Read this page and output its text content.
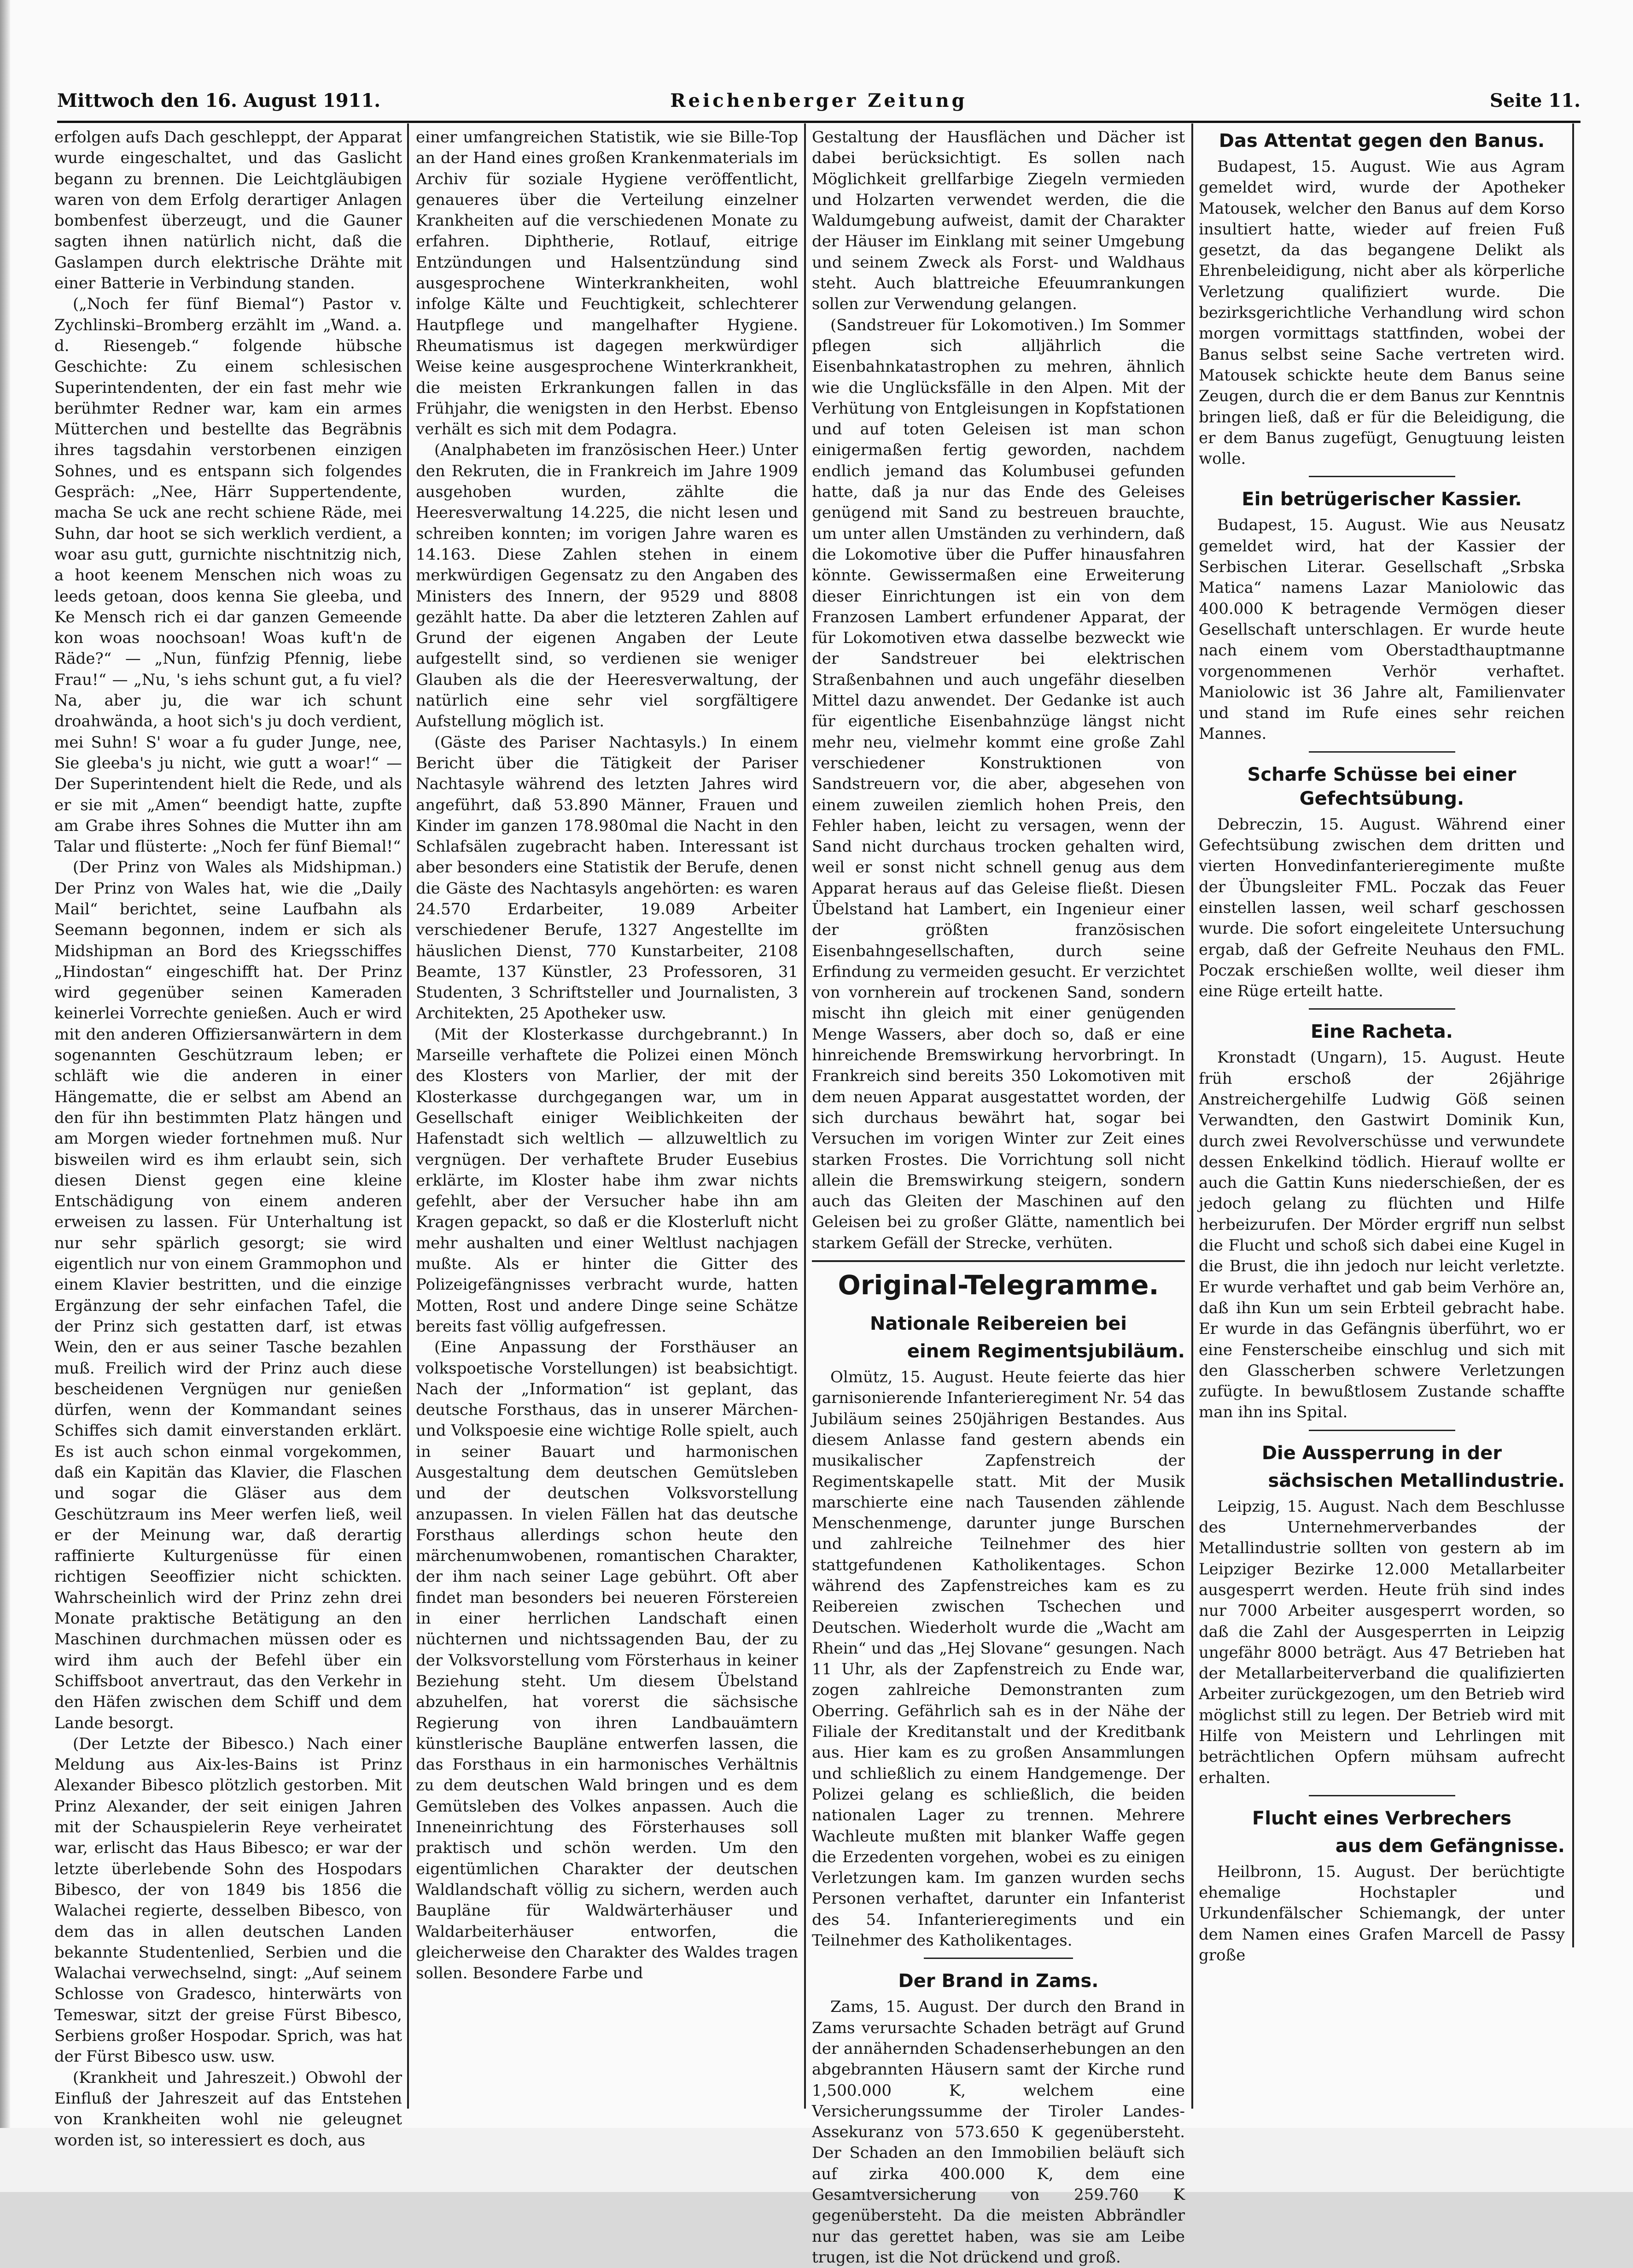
Mittwoch den 16. August 1911.	Reichenberger Zeitung	Seite 11.

erfolgen aufs Dach geschleppt, der Apparat wurde eingeschaltet, und das Gaslicht begann zu brennen. Die Leichtgläubigen waren von dem Erfolg derartiger Anlagen bombenfest überzeugt, und die Gauner sagten ihnen natürlich nicht, daß die Gaslampen durch elektrische Drähte mit einer Batterie in Verbindung standen.

(„Noch fer fünf Biemal“) Pastor v. Zychlinski–Bromberg erzählt im „Wand. a. d. Riesengeb.“ folgende hübsche Geschichte: Zu einem schlesischen Superintendenten, der ein fast mehr wie berühmter Redner war, kam ein armes Mütterchen und bestellte das Begräbnis ihres tagsdahin verstorbenen einzigen Sohnes, und es entspann sich folgendes Gespräch: „Nee, Härr Suppertendente, macha Se uck ane recht schiene Räde, mei Suhn, dar hoot se sich werklich verdient, a woar asu gutt, gurnichte nischtnitzig nich, a hoot keenem Menschen nich woas zu leeds getoan, doos kenna Sie gleeba, und Ke Mensch rich ei dar ganzen Gemeende kon woas noochsoan! Woas kuft'n de Räde?“ — „Nun, fünfzig Pfennig, liebe Frau!“ — „Nu, 's iehs schunt gut, a fu viel? Na, aber ju, die war ich schunt droahwända, a hoot sich's ju doch verdient, mei Suhn! S' woar a fu guder Junge, nee, Sie gleeba's ju nicht, wie gutt a woar!“ — Der Superintendent hielt die Rede, und als er sie mit „Amen“ beendigt hatte, zupfte am Grabe ihres Sohnes die Mutter ihn am Talar und flüsterte: „Noch fer fünf Biemal!“

(Der Prinz von Wales als Midshipman.) Der Prinz von Wales hat, wie die „Daily Mail“ berichtet, seine Laufbahn als Seemann begonnen, indem er sich als Midshipman an Bord des Kriegsschiffes „Hindostan“ eingeschifft hat. Der Prinz wird gegenüber seinen Kameraden keinerlei Vorrechte genießen. Auch er wird mit den anderen Offiziersanwärtern in dem sogenannten Geschützraum leben; er schläft wie die anderen in einer Hängematte, die er selbst am Abend an den für ihn bestimmten Platz hängen und am Morgen wieder fortnehmen muß. Nur bisweilen wird es ihm erlaubt sein, sich diesen Dienst gegen eine kleine Entschädigung von einem anderen erweisen zu lassen. Für Unterhaltung ist nur sehr spärlich gesorgt; sie wird eigentlich nur von einem Grammophon und einem Klavier bestritten, und die einzige Ergänzung der sehr einfachen Tafel, die der Prinz sich gestatten darf, ist etwas Wein, den er aus seiner Tasche bezahlen muß. Freilich wird der Prinz auch diese bescheidenen Vergnügen nur genießen dürfen, wenn der Kommandant seines Schiffes sich damit einverstanden erklärt. Es ist auch schon einmal vorgekommen, daß ein Kapitän das Klavier, die Flaschen und sogar die Gläser aus dem Geschützraum ins Meer werfen ließ, weil er der Meinung war, daß derartig raffinierte Kulturgenüsse für einen richtigen Seeoffizier nicht schickten. Wahrscheinlich wird der Prinz zehn drei Monate praktische Betätigung an den Maschinen durchmachen müssen oder es wird ihm auch der Befehl über ein Schiffsboot anvertraut, das den Verkehr in den Häfen zwischen dem Schiff und dem Lande besorgt.

(Der Letzte der Bibesco.) Nach einer Meldung aus Aix-les-Bains ist Prinz Alexander Bibesco plötzlich gestorben. Mit Prinz Alexander, der seit einigen Jahren mit der Schauspielerin Reye verheiratet war, erlischt das Haus Bibesco; er war der letzte überlebende Sohn des Hospodars Bibesco, der von 1849 bis 1856 die Walachei regierte, desselben Bibesco, von dem das in allen deutschen Landen bekannte Studentenlied, Serbien und die Walachai verwechselnd, singt: „Auf seinem Schlosse von Gradesco, hinterwärts von Temeswar, sitzt der greise Fürst Bibesco, Serbiens großer Hospodar. Sprich, was hat der Fürst Bibesco usw. usw.

(Krankheit und Jahreszeit.) Obwohl der Einfluß der Jahreszeit auf das Entstehen von Krankheiten wohl nie geleugnet worden ist, so interessiert es doch, aus

einer umfangreichen Statistik, wie sie Bille-Top an der Hand eines großen Krankenmaterials im Archiv für soziale Hygiene veröffentlicht, genaueres über die Verteilung einzelner Krankheiten auf die verschiedenen Monate zu erfahren. Diphtherie, Rotlauf, eitrige Entzündungen und Halsentzündung sind ausgesprochene Winterkrankheiten, wohl infolge Kälte und Feuchtigkeit, schlechterer Hautpflege und mangelhafter Hygiene. Rheumatismus ist dagegen merkwürdiger Weise keine ausgesprochene Winterkrankheit, die meisten Erkrankungen fallen in das Frühjahr, die wenigsten in den Herbst. Ebenso verhält es sich mit dem Podagra.

(Analphabeten im französischen Heer.) Unter den Rekruten, die in Frankreich im Jahre 1909 ausgehoben wurden, zählte die Heeresverwaltung 14.225, die nicht lesen und schreiben konnten; im vorigen Jahre waren es 14.163. Diese Zahlen stehen in einem merkwürdigen Gegensatz zu den Angaben des Ministers des Innern, der 9529 und 8808 gezählt hatte. Da aber die letzteren Zahlen auf Grund der eigenen Angaben der Leute aufgestellt sind, so verdienen sie weniger Glauben als die der Heeresverwaltung, der natürlich eine sehr viel sorgfältigere Aufstellung möglich ist.

(Gäste des Pariser Nachtasyls.) In einem Bericht über die Tätigkeit der Pariser Nachtasyle während des letzten Jahres wird angeführt, daß 53.890 Männer, Frauen und Kinder im ganzen 178.980mal die Nacht in den Schlafsälen zugebracht haben. Interessant ist aber besonders eine Statistik der Berufe, denen die Gäste des Nachtasyls angehörten: es waren 24.570 Erdarbeiter, 19.089 Arbeiter verschiedener Berufe, 1327 Angestellte im häuslichen Dienst, 770 Kunstarbeiter, 2108 Beamte, 137 Künstler, 23 Professoren, 31 Studenten, 3 Schriftsteller und Journalisten, 3 Architekten, 25 Apotheker usw.

(Mit der Klosterkasse durchgebrannt.) In Marseille verhaftete die Polizei einen Mönch des Klosters von Marlier, der mit der Klosterkasse durchgegangen war, um in Gesellschaft einiger Weiblichkeiten der Hafenstadt sich weltlich — allzuweltlich zu vergnügen. Der verhaftete Bruder Eusebius erklärte, im Kloster habe ihm zwar nichts gefehlt, aber der Versucher habe ihn am Kragen gepackt, so daß er die Klosterluft nicht mehr aushalten und einer Weltlust nachjagen mußte. Als er hinter die Gitter des Polizeigefängnisses verbracht wurde, hatten Motten, Rost und andere Dinge seine Schätze bereits fast völlig aufgefressen.

(Eine Anpassung der Forsthäuser an volkspoetische Vorstellungen) ist beabsichtigt. Nach der „Information“ ist geplant, das deutsche Forsthaus, das in unserer Märchen- und Volkspoesie eine wichtige Rolle spielt, auch in seiner Bauart und harmonischen Ausgestaltung dem deutschen Gemütsleben und der deutschen Volksvorstellung anzupassen. In vielen Fällen hat das deutsche Forsthaus allerdings schon heute den märchenumwobenen, romantischen Charakter, der ihm nach seiner Lage gebührt. Oft aber findet man besonders bei neueren Förstereien in einer herrlichen Landschaft einen nüchternen und nichtssagenden Bau, der zu der Volksvorstellung vom Försterhaus in keiner Beziehung steht. Um diesem Übelstand abzuhelfen, hat vorerst die sächsische Regierung von ihren Landbauämtern künstlerische Baupläne entwerfen lassen, die das Forsthaus in ein harmonisches Verhältnis zu dem deutschen Wald bringen und es dem Gemütsleben des Volkes anpassen. Auch die Inneneinrichtung des Försterhauses soll praktisch und schön werden. Um den eigentümlichen Charakter der deutschen Waldlandschaft völlig zu sichern, werden auch Baupläne für Waldwärterhäuser und Waldarbeiterhäuser entworfen, die gleicherweise den Charakter des Waldes tragen sollen. Besondere Farbe und

Gestaltung der Hausflächen und Dächer ist dabei berücksichtigt. Es sollen nach Möglichkeit grellfarbige Ziegeln vermieden und Holzarten verwendet werden, die die Waldumgebung aufweist, damit der Charakter der Häuser im Einklang mit seiner Umgebung und seinem Zweck als Forst- und Waldhaus steht. Auch blattreiche Efeuumrankungen sollen zur Verwendung gelangen.

(Sandstreuer für Lokomotiven.) Im Sommer pflegen sich alljährlich die Eisenbahnkatastrophen zu mehren, ähnlich wie die Unglücksfälle in den Alpen. Mit der Verhütung von Entgleisungen in Kopfstationen und auf toten Geleisen ist man schon einigermaßen fertig geworden, nachdem endlich jemand das Kolumbusei gefunden hatte, daß ja nur das Ende des Geleises genügend mit Sand zu bestreuen brauchte, um unter allen Umständen zu verhindern, daß die Lokomotive über die Puffer hinausfahren könnte. Gewissermaßen eine Erweiterung dieser Einrichtungen ist ein von dem Franzosen Lambert erfundener Apparat, der für Lokomotiven etwa dasselbe bezweckt wie der Sandstreuer bei elektrischen Straßenbahnen und auch ungefähr dieselben Mittel dazu anwendet. Der Gedanke ist auch für eigentliche Eisenbahnzüge längst nicht mehr neu, vielmehr kommt eine große Zahl verschiedener Konstruktionen von Sandstreuern vor, die aber, abgesehen von einem zuweilen ziemlich hohen Preis, den Fehler haben, leicht zu versagen, wenn der Sand nicht durchaus trocken gehalten wird, weil er sonst nicht schnell genug aus dem Apparat heraus auf das Geleise fließt. Diesen Übelstand hat Lambert, ein Ingenieur einer der größten französischen Eisenbahngesellschaften, durch seine Erfindung zu vermeiden gesucht. Er verzichtet von vornherein auf trockenen Sand, sondern mischt ihn gleich mit einer genügenden Menge Wassers, aber doch so, daß er eine hinreichende Bremswirkung hervorbringt. In Frankreich sind bereits 350 Lokomotiven mit dem neuen Apparat ausgestattet worden, der sich durchaus bewährt hat, sogar bei Versuchen im vorigen Winter zur Zeit eines starken Frostes. Die Vorrichtung soll nicht allein die Bremswirkung steigern, sondern auch das Gleiten der Maschinen auf den Geleisen bei zu großer Glätte, namentlich bei starkem Gefäll der Strecke, verhüten.

Original-Telegramme.
Nationale Reibereien bei
einem Regimentsjubiläum.

Olmütz, 15. August. Heute feierte das hier garnisonierende Infanterieregiment Nr. 54 das Jubiläum seines 250jährigen Bestandes. Aus diesem Anlasse fand gestern abends ein musikalischer Zapfenstreich der Regimentskapelle statt. Mit der Musik marschierte eine nach Tausenden zählende Menschenmenge, darunter junge Burschen und zahlreiche Teilnehmer des hier stattgefundenen Katholikentages. Schon während des Zapfenstreiches kam es zu Reibereien zwischen Tschechen und Deutschen. Wiederholt wurde die „Wacht am Rhein“ und das „Hej Slovane“ gesungen. Nach 11 Uhr, als der Zapfenstreich zu Ende war, zogen zahlreiche Demonstranten zum Oberring. Gefährlich sah es in der Nähe der Filiale der Kreditanstalt und der Kreditbank aus. Hier kam es zu großen Ansammlungen und schließlich zu einem Handgemenge. Der Polizei gelang es schließlich, die beiden nationalen Lager zu trennen. Mehrere Wachleute mußten mit blanker Waffe gegen die Erzedenten vorgehen, wobei es zu einigen Verletzungen kam. Im ganzen wurden sechs Personen verhaftet, darunter ein Infanterist des 54. Infanterieregiments und ein Teilnehmer des Katholikentages.

Der Brand in Zams.

Zams, 15. August. Der durch den Brand in Zams verursachte Schaden beträgt auf Grund der annähernden Schadenserhebungen an den abgebrannten Häusern samt der Kirche rund 1,500.000 K, welchem eine Versicherungssumme der Tiroler Landes-Assekuranz von 573.650 K gegenübersteht. Der Schaden an den Immobilien beläuft sich auf zirka 400.000 K, dem eine Gesamtversicherung von 259.760 K gegenübersteht. Da die meisten Abbrändler nur das gerettet haben, was sie am Leibe trugen, ist die Not drückend und groß.

Das Attentat gegen den Banus.

Budapest, 15. August. Wie aus Agram gemeldet wird, wurde der Apotheker Matousek, welcher den Banus auf dem Korso insultiert hatte, wieder auf freien Fuß gesetzt, da das begangene Delikt als Ehrenbeleidigung, nicht aber als körperliche Verletzung qualifiziert wurde. Die bezirksgerichtliche Verhandlung wird schon morgen vormittags stattfinden, wobei der Banus selbst seine Sache vertreten wird. Matousek schickte heute dem Banus seine Zeugen, durch die er dem Banus zur Kenntnis bringen ließ, daß er für die Beleidigung, die er dem Banus zugefügt, Genugtuung leisten wolle.

Ein betrügerischer Kassier.

Budapest, 15. August. Wie aus Neusatz gemeldet wird, hat der Kassier der Serbischen Literar. Gesellschaft „Srbska Matica“ namens Lazar Maniolowic das 400.000 K betragende Vermögen dieser Gesellschaft unterschlagen. Er wurde heute nach einem vom Oberstadthauptmanne vorgenommenen Verhör verhaftet. Maniolowic ist 36 Jahre alt, Familienvater und stand im Rufe eines sehr reichen Mannes.

Scharfe Schüsse bei einer Gefechtsübung.

Debreczin, 15. August. Während einer Gefechtsübung zwischen dem dritten und vierten Honvedinfanterieregimente mußte der Übungsleiter FML. Poczak das Feuer einstellen lassen, weil scharf geschossen wurde. Die sofort eingeleitete Untersuchung ergab, daß der Gefreite Neuhaus den FML. Poczak erschießen wollte, weil dieser ihm eine Rüge erteilt hatte.

Eine Racheta.

Kronstadt (Ungarn), 15. August. Heute früh erschoß der 26jährige Anstreichergehilfe Ludwig Göß seinen Verwandten, den Gastwirt Dominik Kun, durch zwei Revolverschüsse und verwundete dessen Enkelkind tödlich. Hierauf wollte er auch die Gattin Kuns niederschießen, der es jedoch gelang zu flüchten und Hilfe herbeizurufen. Der Mörder ergriff nun selbst die Flucht und schoß sich dabei eine Kugel in die Brust, die ihn jedoch nur leicht verletzte. Er wurde verhaftet und gab beim Verhöre an, daß ihn Kun um sein Erbteil gebracht habe. Er wurde in das Gefängnis überführt, wo er eine Fensterscheibe einschlug und sich mit den Glasscherben schwere Verletzungen zufügte. In bewußtlosem Zustande schaffte man ihn ins Spital.

Die Aussperrung in der
sächsischen Metallindustrie.

Leipzig, 15. August. Nach dem Beschlusse des Unternehmerverbandes der Metallindustrie sollten von gestern ab im Leipziger Bezirke 12.000 Metallarbeiter ausgesperrt werden. Heute früh sind indes nur 7000 Arbeiter ausgesperrt worden, so daß die Zahl der Ausgesperrten in Leipzig ungefähr 8000 beträgt. Aus 47 Betrieben hat der Metallarbeiterverband die qualifizierten Arbeiter zurückgezogen, um den Betrieb wird möglichst still zu legen. Der Betrieb wird mit Hilfe von Meistern und Lehrlingen mit beträchtlichen Opfern mühsam aufrecht erhalten.

Flucht eines Verbrechers
aus dem Gefängnisse.

Heilbronn, 15. August. Der berüchtigte ehemalige Hochstapler und Urkundenfälscher Schiemangk, der unter dem Namen eines Grafen Marcell de Passy große
